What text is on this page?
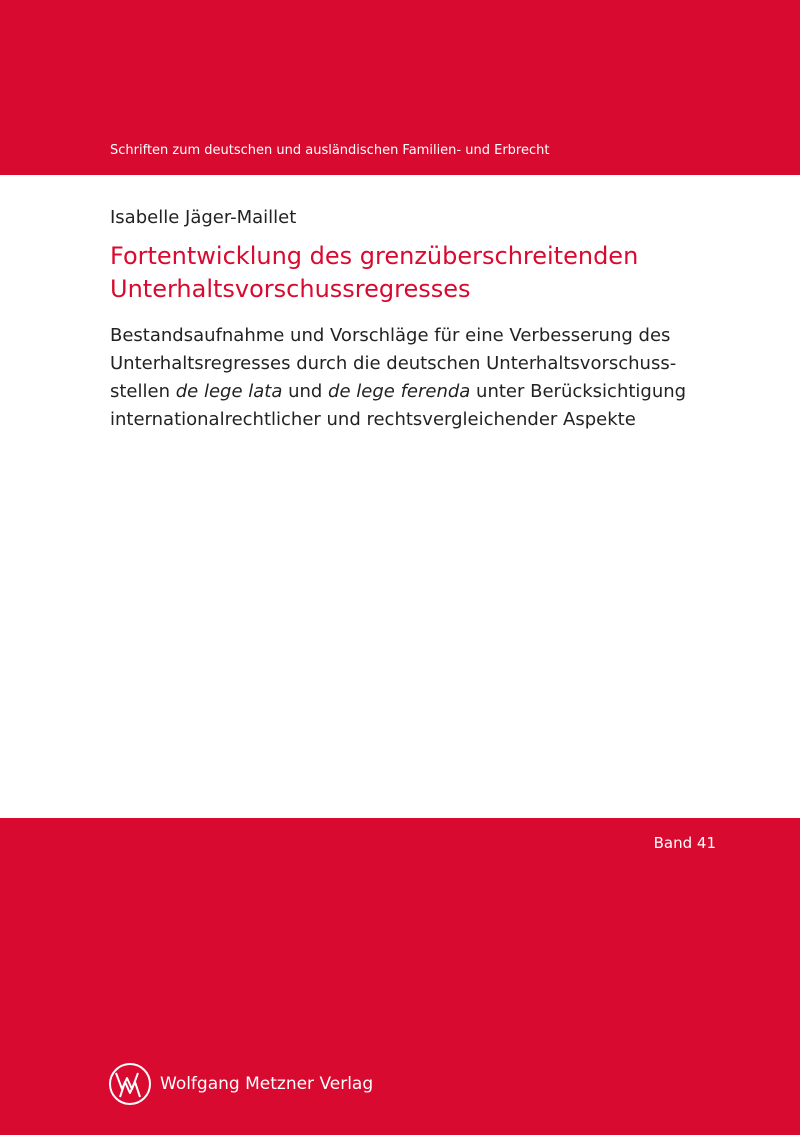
Schriften zum deutschen und ausländischen Familien- und Erbrecht
Isabelle Jäger-Maillet
Fortentwicklung des grenzüberschreitenden
Unterhaltsvorschussregresses
Bestandsaufnahme und Vorschläge für eine Verbesserung des
Unterhaltsregresses durch die deutschen Unterhaltsvorschuss-
stellen de lege lata und de lege ferenda unter Berücksichtigung
internationalrechtlicher und rechtsvergleichender Aspekte
Band 41
Wolfgang Metzner Verlag
